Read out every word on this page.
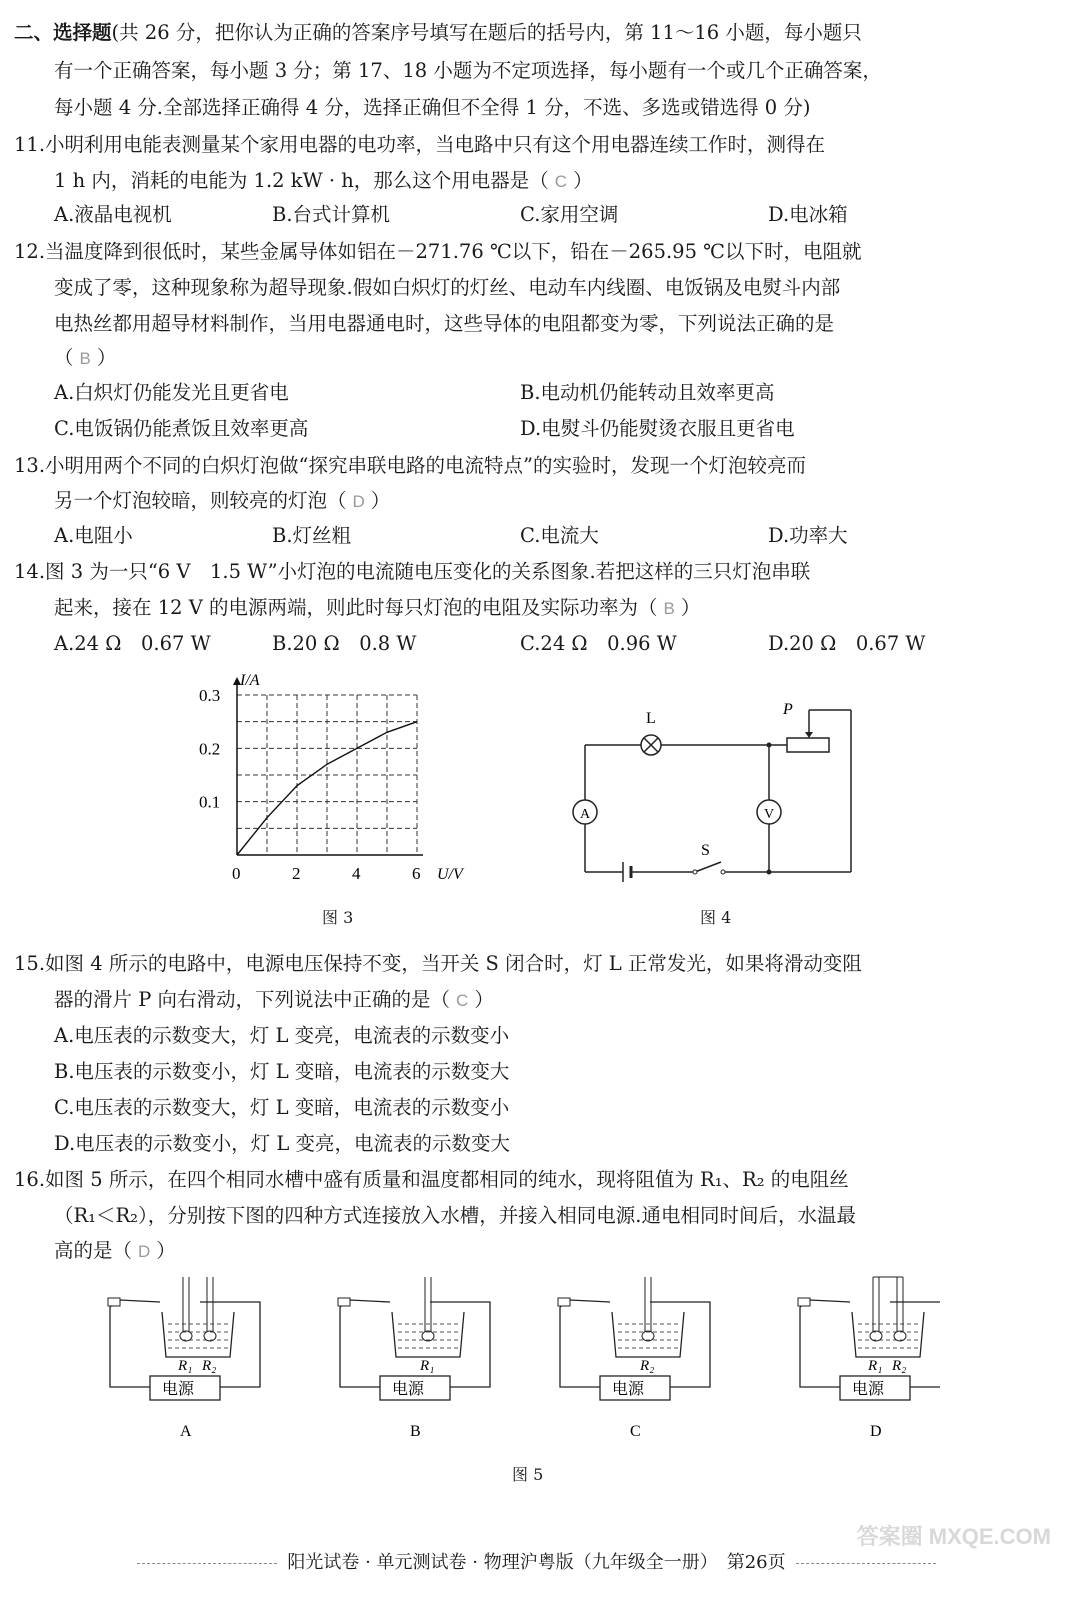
二、选择题(共 26 分，把你认为正确的答案序号填写在题后的括号内，第 11～16 小题，每小题只
有一个正确答案，每小题 3 分；第 17、18 小题为不定项选择，每小题有一个或几个正确答案，
每小题 4 分.全部选择正确得 4 分，选择正确但不全得 1 分，不选、多选或错选得 0 分)
11.小明利用电能表测量某个家用电器的电功率，当电路中只有这个用电器连续工作时，测得在
1 h 内，消耗的电能为 1.2 kW · h，那么这个用电器是（ C ）
A.液晶电视机	B.台式计算机	C.家用空调	D.电冰箱
12.当温度降到很低时，某些金属导体如铝在－271.76 ℃以下，铅在－265.95 ℃以下时，电阻就
变成了零，这种现象称为超导现象.假如白炽灯的灯丝、电动车内线圈、电饭锅及电熨斗内部
电热丝都用超导材料制作，当用电器通电时，这些导体的电阻都变为零，下列说法正确的是
（ B ）
A.白炽灯仍能发光且更省电	B.电动机仍能转动且效率更高
C.电饭锅仍能煮饭且效率更高	D.电熨斗仍能熨烫衣服且更省电
13.小明用两个不同的白炽灯泡做“探究串联电路的电流特点”的实验时，发现一个灯泡较亮而
另一个灯泡较暗，则较亮的灯泡（ D ）
A.电阻小	B.灯丝粗	C.电流大	D.功率大
14.图 3 为一只“6 V　1.5 W”小灯泡的电流随电压变化的关系图象.若把这样的三只灯泡串联
起来，接在 12 V 的电源两端，则此时每只灯泡的电阻及实际功率为（ B ）
A.24 Ω　0.67 W	B.20 Ω　0.8 W	C.24 Ω　0.96 W	D.20 Ω　0.67 W
0	2	4	6
0.1
0.2
0.3
I/A
U/V
图 3
L
P
A	V
S
图 4
15.如图 4 所示的电路中，电源电压保持不变，当开关 S 闭合时，灯 L 正常发光，如果将滑动变阻
器的滑片 P 向右滑动，下列说法中正确的是（ C ）
A.电压表的示数变大，灯 L 变亮，电流表的示数变小
B.电压表的示数变小，灯 L 变暗，电流表的示数变大
C.电压表的示数变大，灯 L 变暗，电流表的示数变小
D.电压表的示数变小，灯 L 变亮，电流表的示数变大
16.如图 5 所示，在四个相同水槽中盛有质量和温度都相同的纯水，现将阻值为 R₁、R₂ 的电阻丝
（R₁＜R₂），分别按下图的四种方式连接放入水槽，并接入相同电源.通电相同时间后，水温最
高的是（ D ）
R₁ R₂
电源
A
R₁
电源
B
R₂
电源
C
R₁ R₂
电源
D
图 5
阳光试卷 · 单元测试卷 · 物理沪粤版（九年级全一册）　第26页
答案圈 MXQE.COM
